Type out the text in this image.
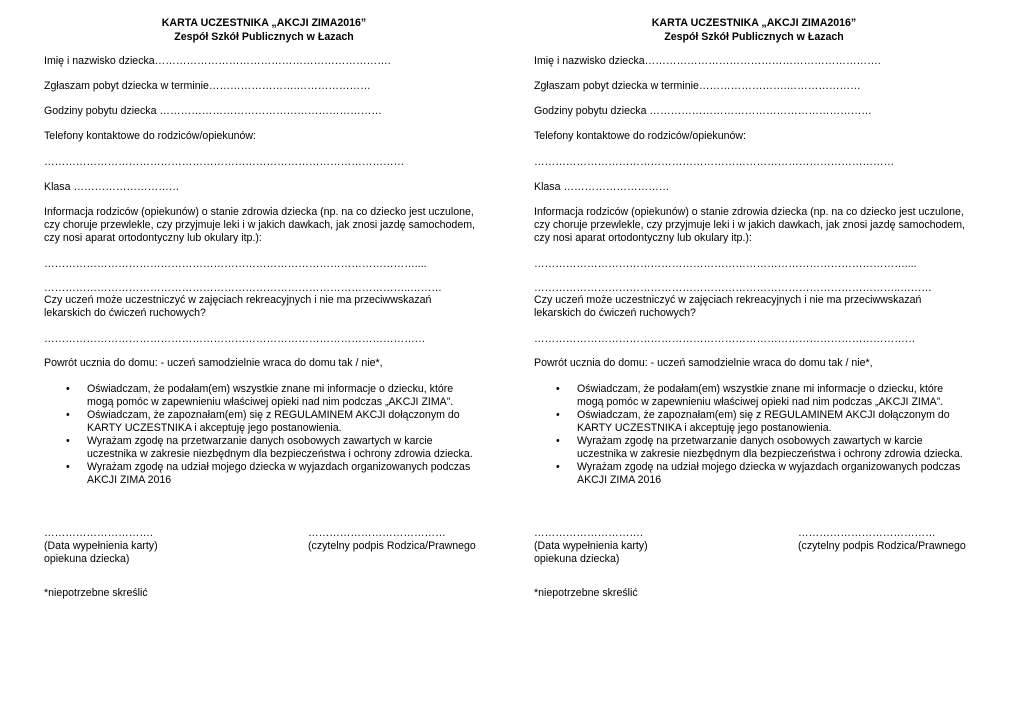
KARTA UCZESTNIKA „AKCJI ZIMA2016”
Zespół Szkół Publicznych w Łazach
Imię i nazwisko dziecka………………………………………………………….
Zgłaszam pobyt dziecka w terminie…………………….…………………
Godziny pobytu dziecka ………………………………………………………
Telefony kontaktowe do rodziców/opiekunów:
…………………………………………………………………………………………
Klasa …………………………
Informacja rodziców (opiekunów) o stanie zdrowia dziecka (np. na co dziecko jest uczulone,
czy choruje przewlekle, czy przyjmuje leki i w jakich dawkach, jak znosi jazdę samochodem,
czy nosi aparat ortodontyczny lub okulary itp.):
……………………………………………………………………………………………....
…………………………………………………………………………………………..………
Czy uczeń może uczestniczyć w zajęciach rekreacyjnych i nie ma przeciwwskazań
lekarskich do ćwiczeń ruchowych?
………………………………………………………………………………………………
Powrót ucznia do domu: - uczeń samodzielnie wraca do domu tak / nie*,
• Oświadczam, że podałam(em) wszystkie znane mi informacje o dziecku, które
mogą pomóc w zapewnieniu właściwej opieki nad nim podczas „AKCJI ZIMA”.
• Oświadczam, że zapoznałam(em) się z REGULAMINEM AKCJI dołączonym do
KARTY UCZESTNIKA i akceptuję jego postanowienia.
• Wyrażam zgodę na przetwarzanie danych osobowych zawartych w karcie
uczestnika w zakresie niezbędnym dla bezpieczeństwa i ochrony zdrowia dziecka.
• Wyrażam zgodę na udział mojego dziecka w wyjazdach organizowanych podczas
AKCJI ZIMA 2016
………………………….
(Data wypełnienia karty)
opiekuna dziecka)
…………………………………
(czytelny podpis Rodzica/Prawnego
*niepotrzebne skreślić
KARTA UCZESTNIKA „AKCJI ZIMA2016”
Zespół Szkół Publicznych w Łazach
Imię i nazwisko dziecka………………………………………………………….
Zgłaszam pobyt dziecka w terminie…………………….…………………
Godziny pobytu dziecka ………………………………………………………
Telefony kontaktowe do rodziców/opiekunów:
…………………………………………………………………………………………
Klasa …………………………
Informacja rodziców (opiekunów) o stanie zdrowia dziecka (np. na co dziecko jest uczulone,
czy choruje przewlekle, czy przyjmuje leki i w jakich dawkach, jak znosi jazdę samochodem,
czy nosi aparat ortodontyczny lub okulary itp.):
……………………………………………………………………………………………....
…………………………………………………………………………………………..………
Czy uczeń może uczestniczyć w zajęciach rekreacyjnych i nie ma przeciwwskazań
lekarskich do ćwiczeń ruchowych?
………………………………………………………………………………………………
Powrót ucznia do domu: - uczeń samodzielnie wraca do domu tak / nie*,
• Oświadczam, że podałam(em) wszystkie znane mi informacje o dziecku, które
mogą pomóc w zapewnieniu właściwej opieki nad nim podczas „AKCJI ZIMA”.
• Oświadczam, że zapoznałam(em) się z REGULAMINEM AKCJI dołączonym do
KARTY UCZESTNIKA i akceptuję jego postanowienia.
• Wyrażam zgodę na przetwarzanie danych osobowych zawartych w karcie
uczestnika w zakresie niezbędnym dla bezpieczeństwa i ochrony zdrowia dziecka.
• Wyrażam zgodę na udział mojego dziecka w wyjazdach organizowanych podczas
AKCJI ZIMA 2016
………………………….
(Data wypełnienia karty)
opiekuna dziecka)
…………………………………
(czytelny podpis Rodzica/Prawnego
*niepotrzebne skreślić
